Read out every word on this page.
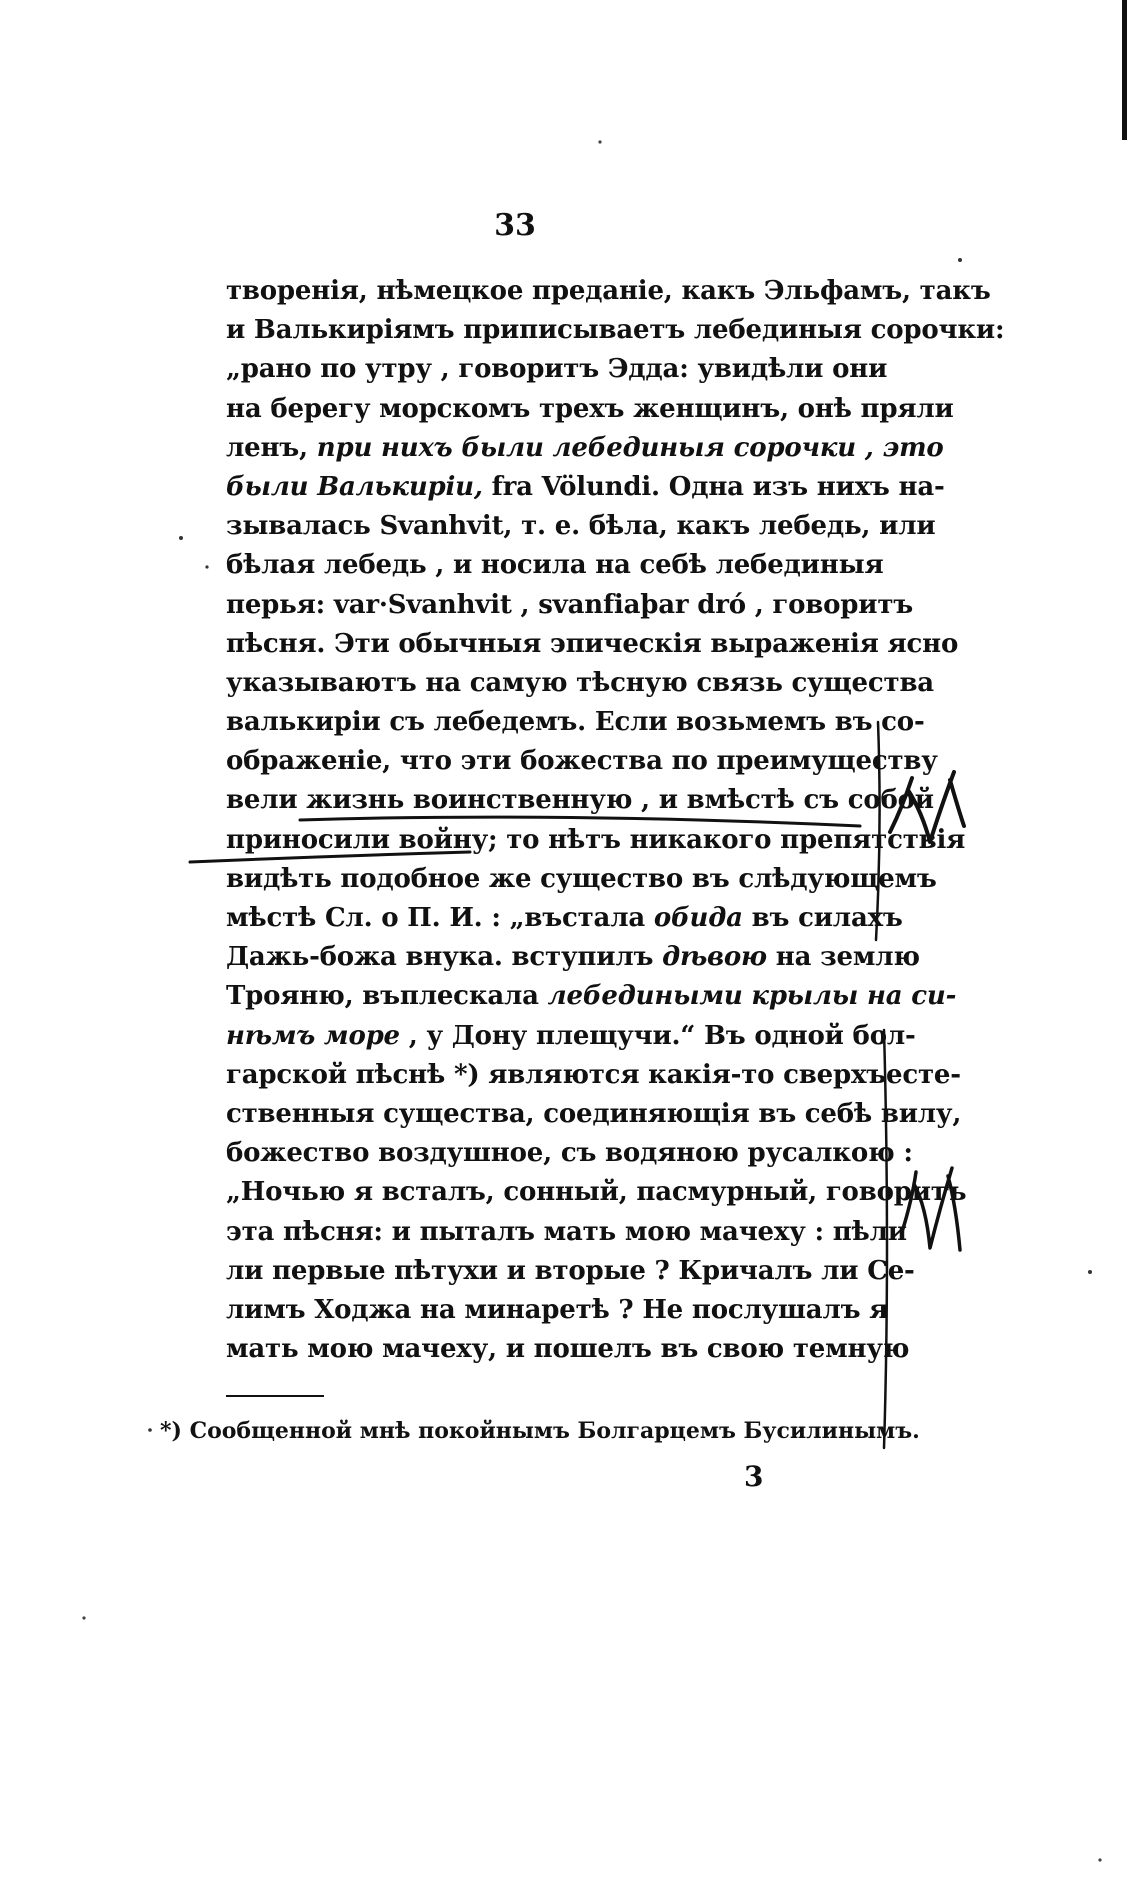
33
творенія, нѣмецкое преданіе, какъ Эльфамъ, такъ
и Валькиріямъ приписываетъ лебединыя сорочки:
„рано по утру , говоритъ Эдда: увидѣли они
на берегу морскомъ трехъ женщинъ, онѣ пряли
ленъ, при нихъ были лебединыя сорочки , это
были Валькиріи, fra Völundi. Одна изъ нихъ на-
зывалась Svanhvit, т. е. бѣла, какъ лебедь, или
бѣлая лебедь , и носила на себѣ лебединыя
перья: var·Svanhvit , svanfiaþar dró , говоритъ
пѣсня. Эти обычныя эпическія выраженія ясно
указываютъ на самую тѣсную связь существа
валькиріи съ лебедемъ. Если возьмемъ въ со-
ображеніе, что эти божества по преимуществу
вели жизнь воинственную , и вмѣстѣ съ собой
приносили войну; то нѣтъ никакого препятствія
видѣть подобное же существо въ слѣдующемъ
мѣстѣ Сл. о П. И. : „въстала обида въ силахъ
Дажь-божа внука. вступилъ дѣвою на землю
Трояню, въплескала лебедиными крылы на си-
нѣмъ море , у Дону плещучи.“ Въ одной бол-
гарской пѣснѣ *) являются какія-то сверхъесте-
ственныя существа, соединяющія въ себѣ вилу,
божество воздушное, съ водяною русалкою :
„Ночью я всталъ, сонный, пасмурный, говоритъ
эта пѣсня: и пыталъ мать мою мачеху : пѣли
ли первые пѣтухи и вторые ? Кричалъ ли Се-
лимъ Ходжа на минаретѣ ? Не послушалъ я
мать мою мачеху, и пошелъ въ свою темную
*) Сообщенной мнѣ покойнымъ Болгарцемъ Бусилинымъ.
3
